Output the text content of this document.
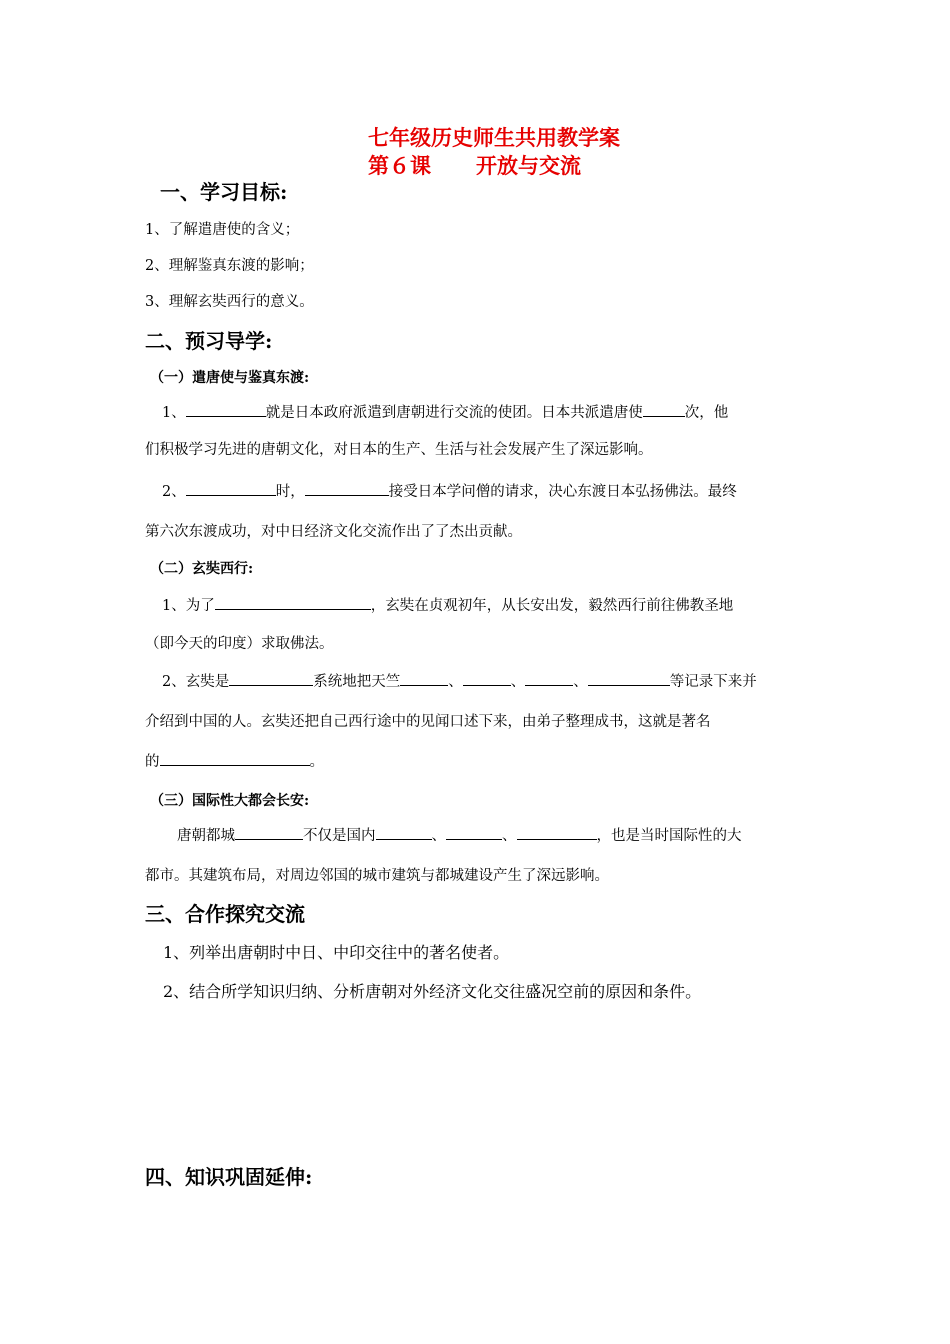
七年级历史师生共用教学案
第６课 开放与交流
一、学习目标:
1、了解遣唐使的含义；
2、理解鉴真东渡的影响；
3、理解玄奘西行的意义。
二、预习导学:
（一）遣唐使与鉴真东渡:
1、	就是日本政府派遣到唐朝进行交流的使团。日本共派遣唐使	次，他
们积极学习先进的唐朝文化，对日本的生产、生活与社会发展产生了深远影响。
2、	时，	接受日本学问僧的请求，决心东渡日本弘扬佛法。最终
第六次东渡成功，对中日经济文化交流作出了了杰出贡献。
（二）玄奘西行:
1、为了	，玄奘在贞观初年，从长安出发，毅然西行前往佛教圣地
（即今天的印度）求取佛法。
2、玄奘是	系统地把天竺	、	、	、	等记录下来并
介绍到中国的人。玄奘还把自己西行途中的见闻口述下来，由弟子整理成书，这就是著名
的	。
（三）国际性大都会长安:
唐朝都城	不仅是国内	、	、	，也是当时国际性的大
都市。其建筑布局，对周边邻国的城市建筑与都城建设产生了深远影响。
三、合作探究交流
1、列举出唐朝时中日、中印交往中的著名使者。
2、结合所学知识归纳、分析唐朝对外经济文化交往盛况空前的原因和条件。
四、知识巩固延伸:
